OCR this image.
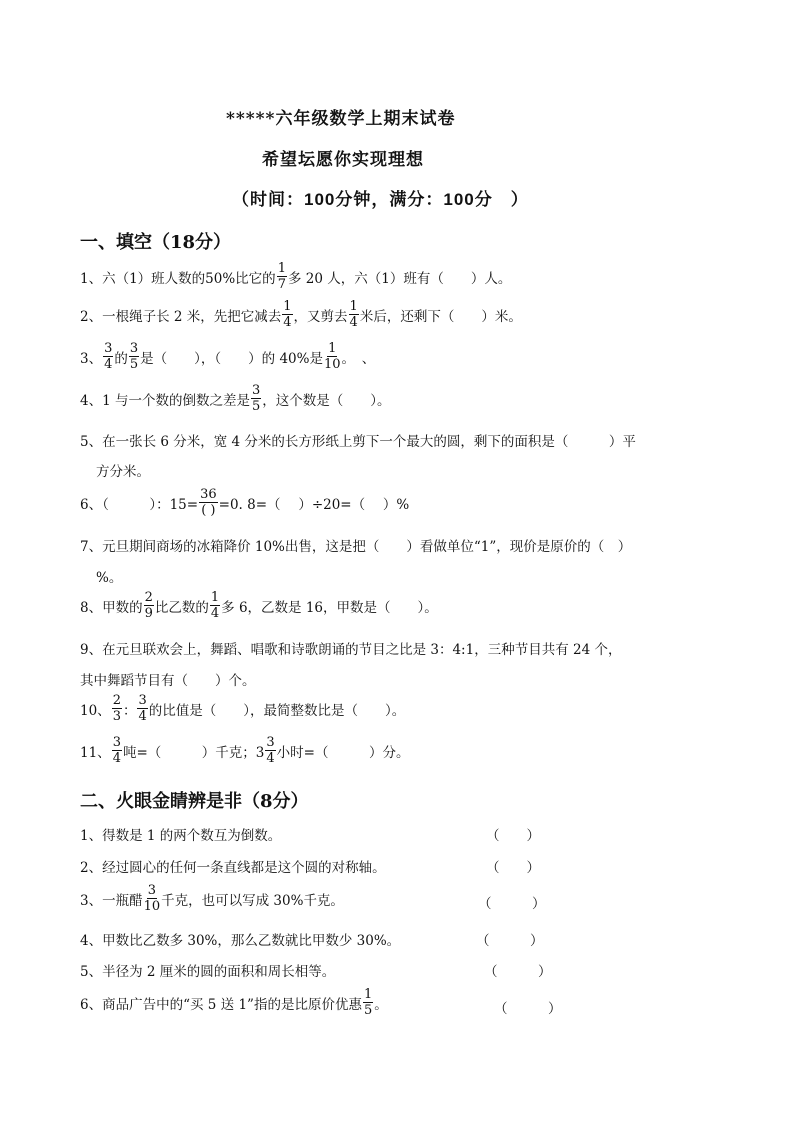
*****六年级数学上期末试卷
希望坛愿你实现理想
（时间：100分钟，满分：100分　）
一、填空（18分）
1、六（1）班人数的50%比它的 $\frac{1}{7}$ 多 20 人，六（1）班有（　　）人。
2、一根绳子长 2 米，先把它减去 $\frac{1}{4}$ ，又剪去 $\frac{1}{4}$ 米后，还剩下（　　）米。
3、 $\frac{3}{4}$ 的 $\frac{3}{5}$ 是（　　），（　　）的 40%是 $\frac{1}{10}$ 。　、
4、1 与一个数的倒数之差是 $\frac{3}{5}$ ，这个数是（　　）。
5、在一张长 6 分米，宽 4 分米的长方形纸上剪下一个最大的圆，剩下的面积是（　　　）平
方分米。
6、（　　　）：$15= \frac{36}{( )} =0$. 8=（　 ）÷20=（　 ）%
7、元旦期间商场的冰箱降价 10%出售，这是把（　　）看做单位“1”，现价是原价的（　）
%。
8、甲数的 $\frac{2}{9}$ 比乙数的 $\frac{1}{4}$ 多 6，乙数是 16，甲数是（　　）。
9、在元旦联欢会上，舞蹈、唱歌和诗歌朗诵的节目之比是 3：4:1，三种节目共有 24 个，
其中舞蹈节目有（　　）个。
10、 $\frac{2}{3}$ ： $\frac{3}{4}$ 的比值是（　　），最简整数比是（　　）。
11、 $\frac{3}{4}$ 吨=（　　　）千克；$3 \frac{3}{4}$ 小时=（　　　）分。
二、火眼金睛辨是非（8分）
1、得数是 1 的两个数互为倒数。	（　　）
2、经过圆心的任何一条直线都是这个圆的对称轴。	（　　）
3、一瓶醋 $\frac{3}{10}$ 千克，也可以写成 30%千克。	（　　　）
4、甲数比乙数多 30%，那么乙数就比甲数少 30%。	（　　　）
5、半径为 2 厘米的圆的面积和周长相等。	（　　　）
6、商品广告中的“买 5 送 1”指的是比原价优惠 $\frac{1}{5}$ 。	（　　　）
